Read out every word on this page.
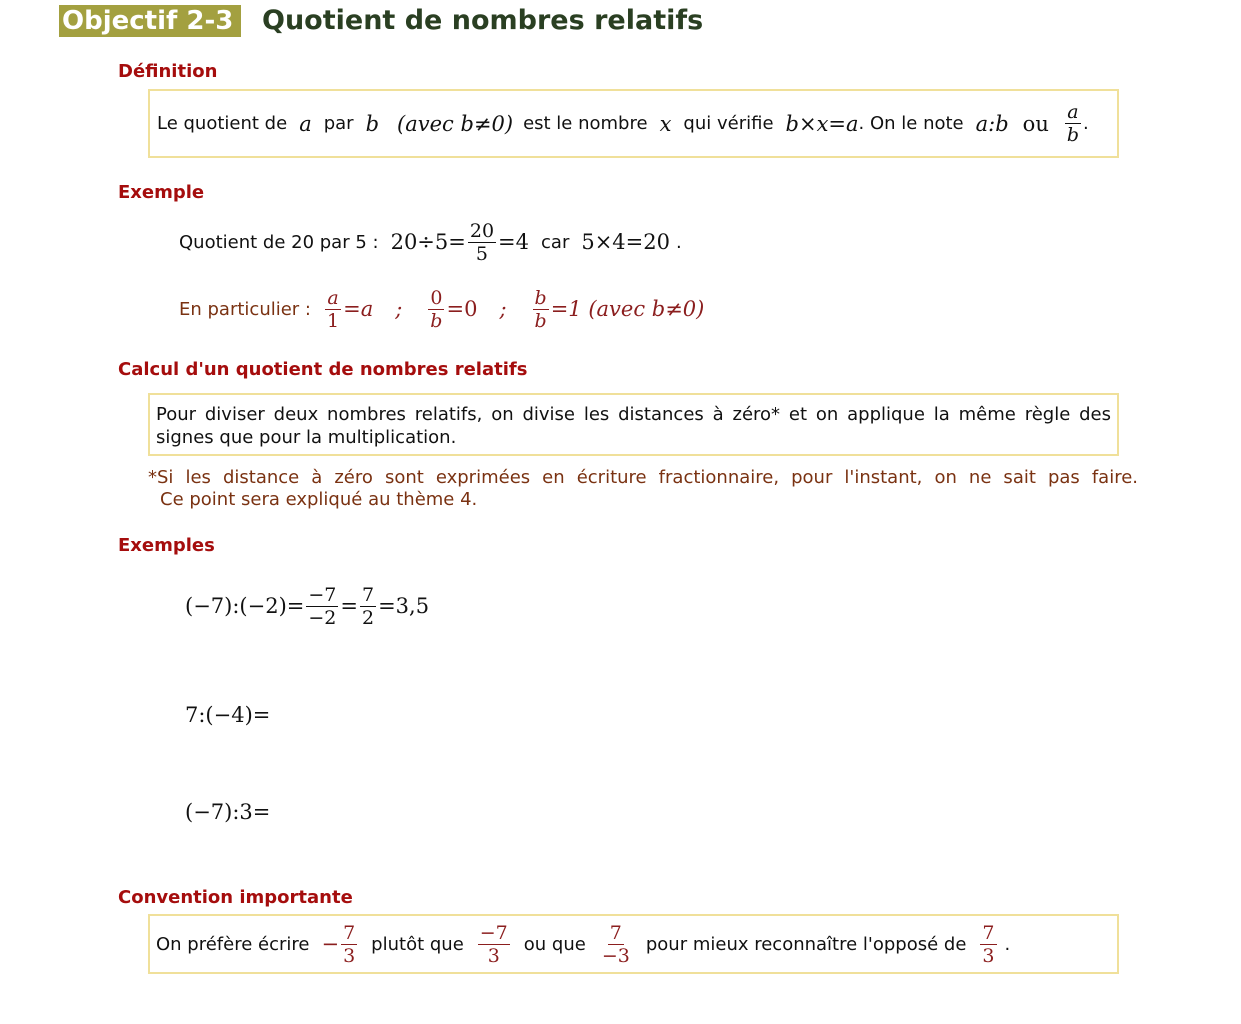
Objectif 2-3 Quotient de nombres relatifs
Définition
Le quotient de a par b (avec b≠0) est le nombre x qui vérifie b×x=a . On le note a:b ou $\frac{a}{b}$ .
Exemple
Quotient de 20 par 5 : $20\div 5= \frac{20}{5} =4$ car 5×4=20 .
En particulier : $\frac{a}{1} =a$ ; $\frac{0}{b} =0$ ; $\frac{b}{b} =1$ (avec b≠0)
Calcul d'un quotient de nombres relatifs
Pour diviser deux nombres relatifs, on divise les distances à zéro* et on applique la même règle des
signes que pour la multiplication.
*Si les distance à zéro sont exprimées en écriture fractionnaire, pour l'instant, on ne sait pas faire.
Ce point sera expliqué au thème 4.
Exemples
(−7):(−2)= $\frac{-7}{-2} = \frac{7}{2} =3,5$
7:(−4)=
(−7):3=
Convention importante
On préfère écrire − $\frac{7}{3}$ plutôt que $\frac{-7}{3}$ ou que $\frac{7}{-3}$ pour mieux reconnaître l'opposé de $\frac{7}{3}$ .
